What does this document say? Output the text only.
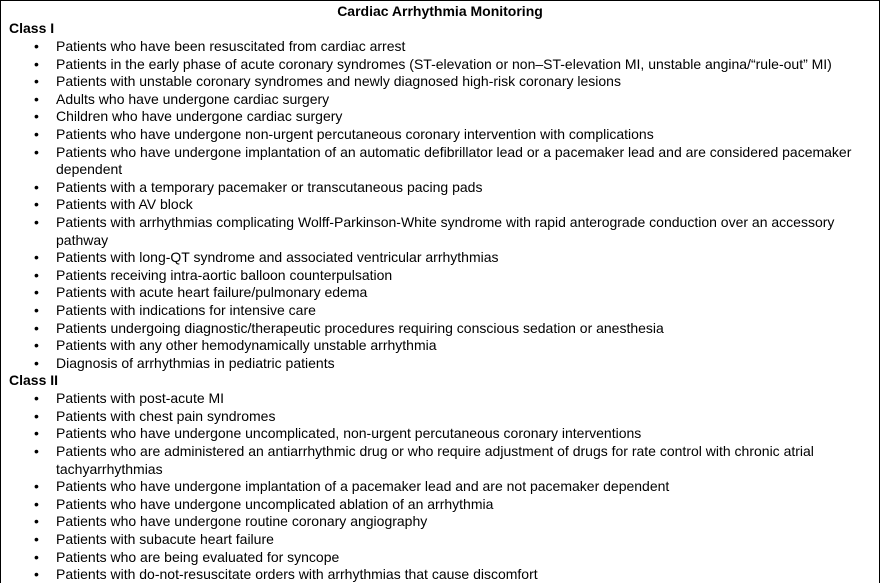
Cardiac Arrhythmia Monitoring
Class I
• Patients who have been resuscitated from cardiac arrest
• Patients in the early phase of acute coronary syndromes (ST-elevation or non–ST-elevation MI, unstable angina/“rule-out” MI)
• Patients with unstable coronary syndromes and newly diagnosed high-risk coronary lesions
• Adults who have undergone cardiac surgery
• Children who have undergone cardiac surgery
• Patients who have undergone non-urgent percutaneous coronary intervention with complications
• Patients who have undergone implantation of an automatic defibrillator lead or a pacemaker lead and are considered pacemaker dependent
• Patients with a temporary pacemaker or transcutaneous pacing pads
• Patients with AV block
• Patients with arrhythmias complicating Wolff-Parkinson-White syndrome with rapid anterograde conduction over an accessory pathway
• Patients with long-QT syndrome and associated ventricular arrhythmias
• Patients receiving intra-aortic balloon counterpulsation
• Patients with acute heart failure/pulmonary edema
• Patients with indications for intensive care
• Patients undergoing diagnostic/therapeutic procedures requiring conscious sedation or anesthesia
• Patients with any other hemodynamically unstable arrhythmia
• Diagnosis of arrhythmias in pediatric patients
Class II
• Patients with post-acute MI
• Patients with chest pain syndromes
• Patients who have undergone uncomplicated, non-urgent percutaneous coronary interventions
• Patients who are administered an antiarrhythmic drug or who require adjustment of drugs for rate control with chronic atrial tachyarrhythmias
• Patients who have undergone implantation of a pacemaker lead and are not pacemaker dependent
• Patients who have undergone uncomplicated ablation of an arrhythmia
• Patients who have undergone routine coronary angiography
• Patients with subacute heart failure
• Patients who are being evaluated for syncope
• Patients with do-not-resuscitate orders with arrhythmias that cause discomfort
